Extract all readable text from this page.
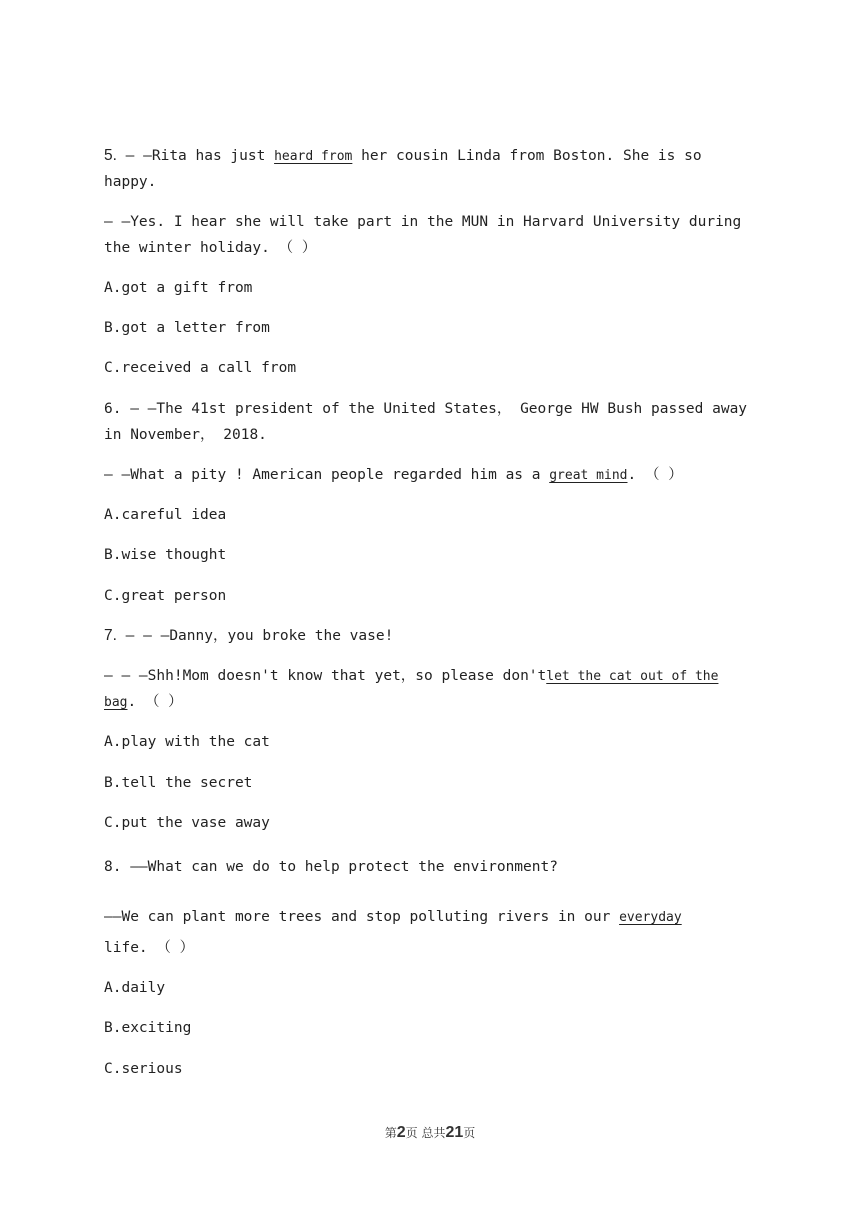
5. – –Rita has just heard from her cousin Linda from Boston. She is so
happy.
– –Yes. I hear she will take part in the MUN in Harvard University during
the winter holiday. （ ）
A.got a gift from
B.got a letter from
C.received a call from
6. – –The 41st president of the United States， George HW Bush passed away
in November， 2018.
– –What a pity ! American people regarded him as a great mind. （ ）
A.careful idea
B.wise thought
C.great person
7. – – –Danny，you broke the vase!
– – –Shh!Mom doesn't know that yet，so please don'tlet the cat out of the
bag. （ ）
A.play with the cat
B.tell the secret
C.put the vase away
8. ——What can we do to help protect the environment?
——We can plant more trees and stop polluting rivers in our everyday
life. （ ）
A.daily
B.exciting
C.serious
第2页 总共21页
